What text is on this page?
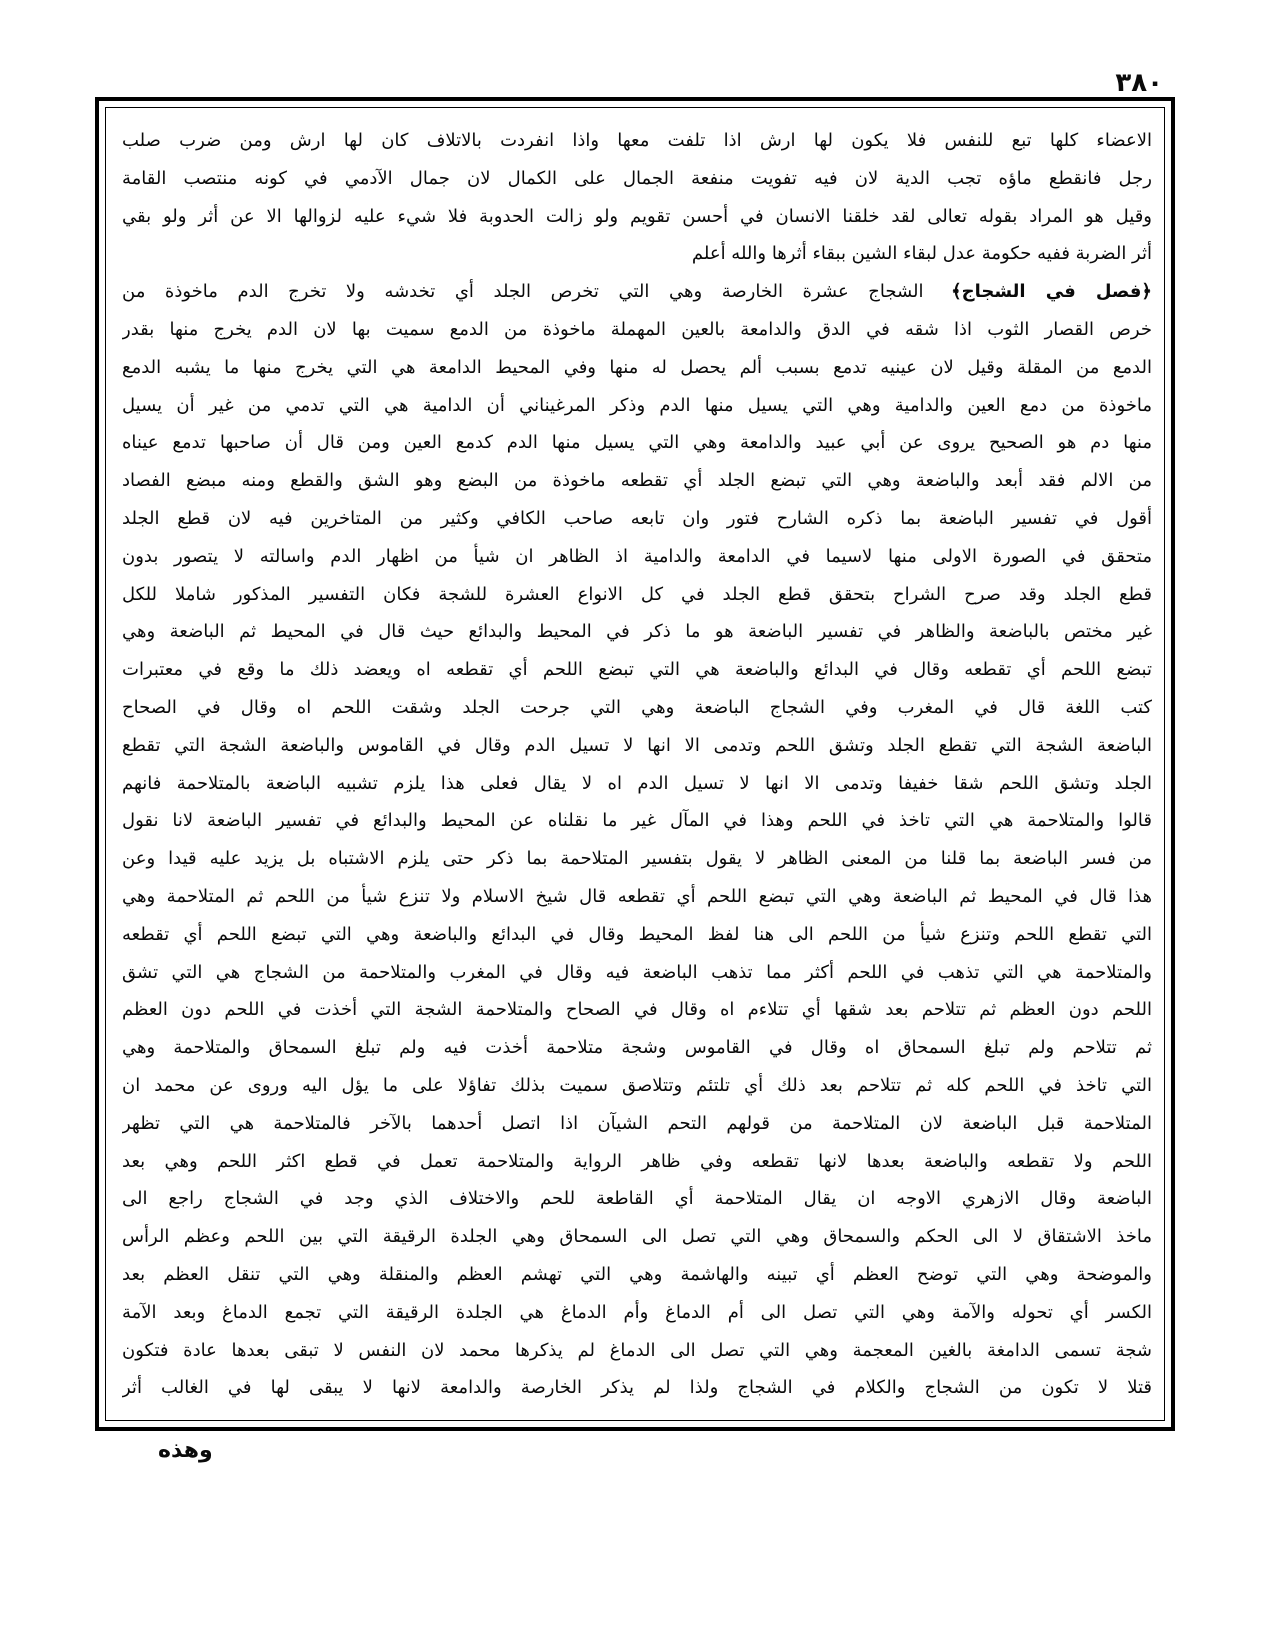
٣٨٠
الاعضاء كلها تبع للنفس فلا يكون لها ارش اذا تلفت معها واذا انفردت بالاتلاف كان لها ارش ومن ضرب صلب
رجل فانقطع ماؤه تجب الدية لان فيه تفويت منفعة الجمال على الكمال لان جمال الآدمي في كونه منتصب القامة
وقيل هو المراد بقوله تعالى لقد خلقنا الانسان في أحسن تقويم ولو زالت الحدوبة فلا شيء عليه لزوالها الا عن أثر ولو بقي
أثر الضربة ففيه حكومة عدل لبقاء الشين ببقاء أثرها والله أعلم
﴿فصل في الشجاج﴾ الشجاج عشرة الخارصة وهي التي تخرص الجلد أي تخدشه ولا تخرج الدم ماخوذة من
خرص القصار الثوب اذا شقه في الدق والدامعة بالعين المهملة ماخوذة من الدمع سميت بها لان الدم يخرج منها بقدر
الدمع من المقلة وقيل لان عينيه تدمع بسبب ألم يحصل له منها وفي المحيط الدامعة هي التي يخرج منها ما يشبه الدمع
ماخوذة من دمع العين والدامية وهي التي يسيل منها الدم وذكر المرغيناني أن الدامية هي التي تدمي من غير أن يسيل
منها دم هو الصحيح يروى عن أبي عبيد والدامعة وهي التي يسيل منها الدم كدمع العين ومن قال أن صاحبها تدمع عيناه
من الالم فقد أبعد والباضعة وهي التي تبضع الجلد أي تقطعه ماخوذة من البضع وهو الشق والقطع ومنه مبضع الفصاد
أقول في تفسير الباضعة بما ذكره الشارح فتور وان تابعه صاحب الكافي وكثير من المتاخرين فيه لان قطع الجلد
متحقق في الصورة الاولى منها لاسيما في الدامعة والدامية اذ الظاهر ان شيأ من اظهار الدم واسالته لا يتصور بدون
قطع الجلد وقد صرح الشراح بتحقق قطع الجلد في كل الانواع العشرة للشجة فكان التفسير المذكور شاملا للكل
غير مختص بالباضعة والظاهر في تفسير الباضعة هو ما ذكر في المحيط والبدائع حيث قال في المحيط ثم الباضعة وهي
تبضع اللحم أي تقطعه وقال في البدائع والباضعة هي التي تبضع اللحم أي تقطعه اه ويعضد ذلك ما وقع في معتبرات
كتب اللغة قال في المغرب وفي الشجاج الباضعة وهي التي جرحت الجلد وشقت اللحم اه وقال في الصحاح
الباضعة الشجة التي تقطع الجلد وتشق اللحم وتدمى الا انها لا تسيل الدم وقال في القاموس والباضعة الشجة التي تقطع
الجلد وتشق اللحم شقا خفيفا وتدمى الا انها لا تسيل الدم اه لا يقال فعلى هذا يلزم تشبيه الباضعة بالمتلاحمة فانهم
قالوا والمتلاحمة هي التي تاخذ في اللحم وهذا في المآل غير ما نقلناه عن المحيط والبدائع في تفسير الباضعة لانا نقول
من فسر الباضعة بما قلنا من المعنى الظاهر لا يقول بتفسير المتلاحمة بما ذكر حتى يلزم الاشتباه بل يزيد عليه قيدا وعن
هذا قال في المحيط ثم الباضعة وهي التي تبضع اللحم أي تقطعه قال شيخ الاسلام ولا تنزع شيأ من اللحم ثم المتلاحمة وهي
التي تقطع اللحم وتنزع شيأ من اللحم الى هنا لفظ المحيط وقال في البدائع والباضعة وهي التي تبضع اللحم أي تقطعه
والمتلاحمة هي التي تذهب في اللحم أكثر مما تذهب الباضعة فيه وقال في المغرب والمتلاحمة من الشجاج هي التي تشق
اللحم دون العظم ثم تتلاحم بعد شقها أي تتلاءم اه وقال في الصحاح والمتلاحمة الشجة التي أخذت في اللحم دون العظم
ثم تتلاحم ولم تبلغ السمحاق اه وقال في القاموس وشجة متلاحمة أخذت فيه ولم تبلغ السمحاق والمتلاحمة وهي
التي تاخذ في اللحم كله ثم تتلاحم بعد ذلك أي تلتئم وتتلاصق سميت بذلك تفاؤلا على ما يؤل اليه وروى عن محمد ان
المتلاحمة قبل الباضعة لان المتلاحمة من قولهم التحم الشيآن اذا اتصل أحدهما بالآخر فالمتلاحمة هي التي تظهر
اللحم ولا تقطعه والباضعة بعدها لانها تقطعه وفي ظاهر الرواية والمتلاحمة تعمل في قطع اكثر اللحم وهي بعد
الباضعة وقال الازهري الاوجه ان يقال المتلاحمة أي القاطعة للحم والاختلاف الذي وجد في الشجاج راجع الى
ماخذ الاشتقاق لا الى الحكم والسمحاق وهي التي تصل الى السمحاق وهي الجلدة الرقيقة التي بين اللحم وعظم الرأس
والموضحة وهي التي توضح العظم أي تبينه والهاشمة وهي التي تهشم العظم والمنقلة وهي التي تنقل العظم بعد
الكسر أي تحوله والآمة وهي التي تصل الى أم الدماغ وأم الدماغ هي الجلدة الرقيقة التي تجمع الدماغ وبعد الآمة
شجة تسمى الدامغة بالغين المعجمة وهي التي تصل الى الدماغ لم يذكرها محمد لان النفس لا تبقى بعدها عادة فتكون
قتلا لا تكون من الشجاج والكلام في الشجاج ولذا لم يذكر الخارصة والدامعة لانها لا يبقى لها في الغالب أثر
وهذه
